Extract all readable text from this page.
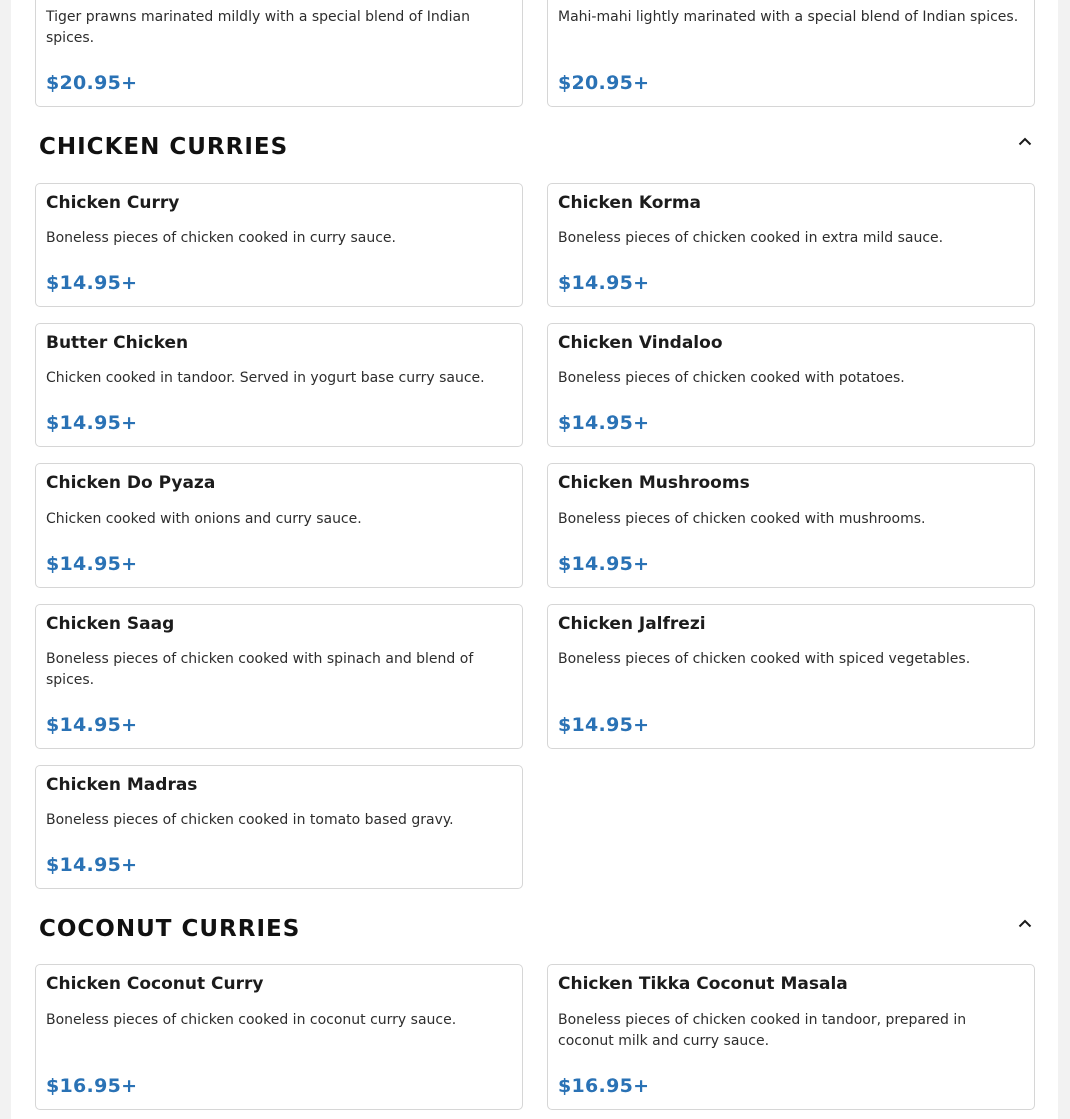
Tiger prawns marinated mildly with a special blend of Indian spices.
$20.95+
Mahi-mahi lightly marinated with a special blend of Indian spices.
$20.95+
CHICKEN CURRIES
Chicken Curry
Boneless pieces of chicken cooked in curry sauce.
$14.95+
Chicken Korma
Boneless pieces of chicken cooked in extra mild sauce.
$14.95+
Butter Chicken
Chicken cooked in tandoor. Served in yogurt base curry sauce.
$14.95+
Chicken Vindaloo
Boneless pieces of chicken cooked with potatoes.
$14.95+
Chicken Do Pyaza
Chicken cooked with onions and curry sauce.
$14.95+
Chicken Mushrooms
Boneless pieces of chicken cooked with mushrooms.
$14.95+
Chicken Saag
Boneless pieces of chicken cooked with spinach and blend of spices.
$14.95+
Chicken Jalfrezi
Boneless pieces of chicken cooked with spiced vegetables.
$14.95+
Chicken Madras
Boneless pieces of chicken cooked in tomato based gravy.
$14.95+
COCONUT CURRIES
Chicken Coconut Curry
Boneless pieces of chicken cooked in coconut curry sauce.
$16.95+
Chicken Tikka Coconut Masala
Boneless pieces of chicken cooked in tandoor, prepared in coconut milk and curry sauce.
$16.95+
